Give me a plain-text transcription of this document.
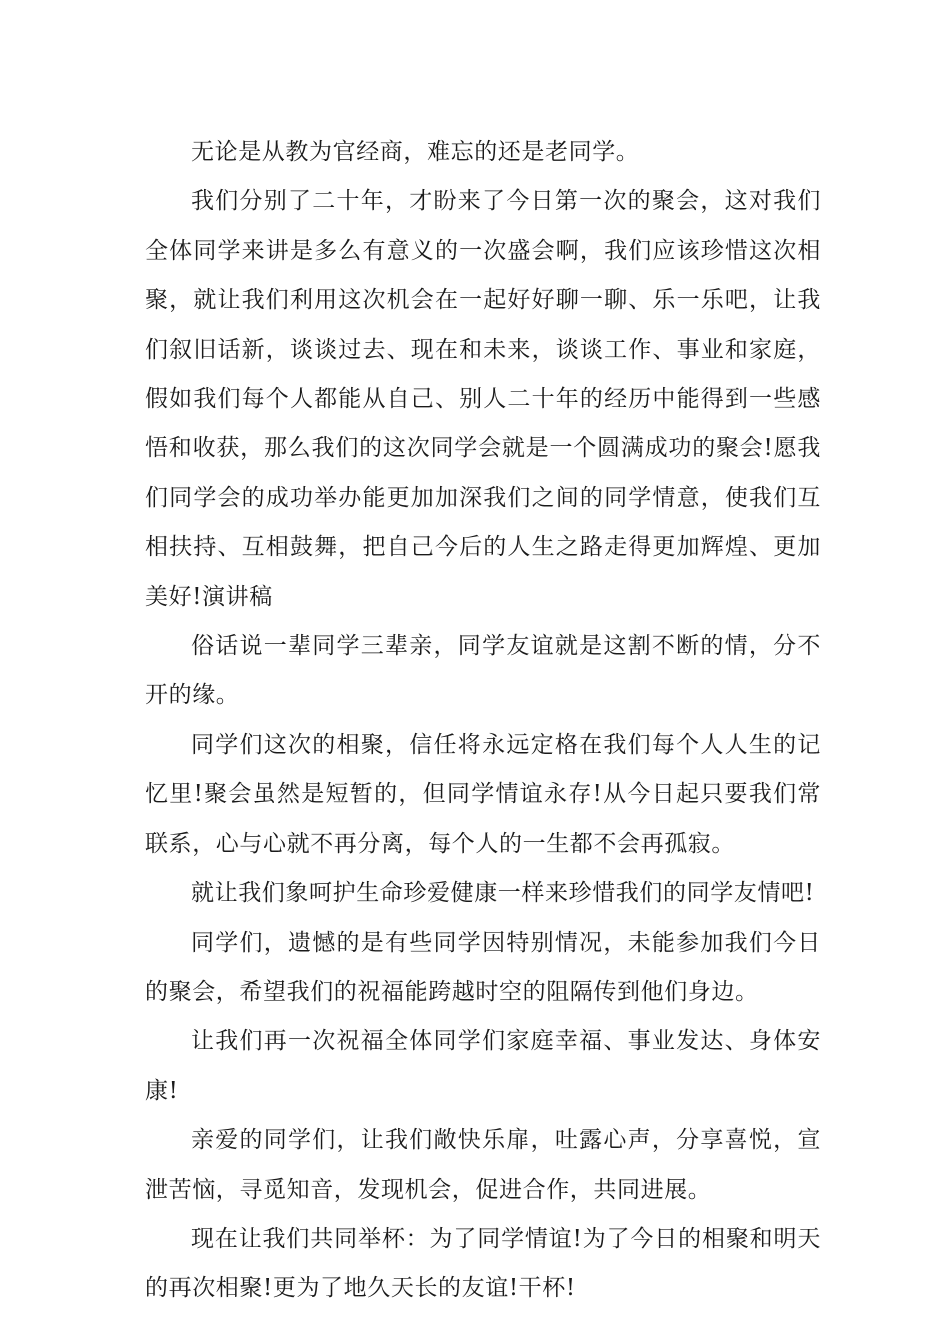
无论是从教为官经商，难忘的还是老同学。

我们分别了二十年，才盼来了今日第一次的聚会，这对我们全体同学来讲是多么有意义的一次盛会啊，我们应该珍惜这次相聚，就让我们利用这次机会在一起好好聊一聊、乐一乐吧，让我们叙旧话新，谈谈过去、现在和未来，谈谈工作、事业和家庭，假如我们每个人都能从自己、别人二十年的经历中能得到一些感悟和收获，那么我们的这次同学会就是一个圆满成功的聚会!愿我们同学会的成功举办能更加加深我们之间的同学情意，使我们互相扶持、互相鼓舞，把自己今后的人生之路走得更加辉煌、更加美好!演讲稿

俗话说一辈同学三辈亲，同学友谊就是这割不断的情，分不开的缘。

同学们这次的相聚，信任将永远定格在我们每个人人生的记忆里!聚会虽然是短暂的，但同学情谊永存!从今日起只要我们常联系，心与心就不再分离，每个人的一生都不会再孤寂。

就让我们象呵护生命珍爱健康一样来珍惜我们的同学友情吧!

同学们，遗憾的是有些同学因特别情况，未能参加我们今日的聚会，希望我们的祝福能跨越时空的阻隔传到他们身边。

让我们再一次祝福全体同学们家庭幸福、事业发达、身体安康!

亲爱的同学们，让我们敞快乐扉，吐露心声，分享喜悦，宣泄苦恼，寻觅知音，发现机会，促进合作，共同进展。

现在让我们共同举杯：为了同学情谊!为了今日的相聚和明天的再次相聚!更为了地久天长的友谊!干杯!
